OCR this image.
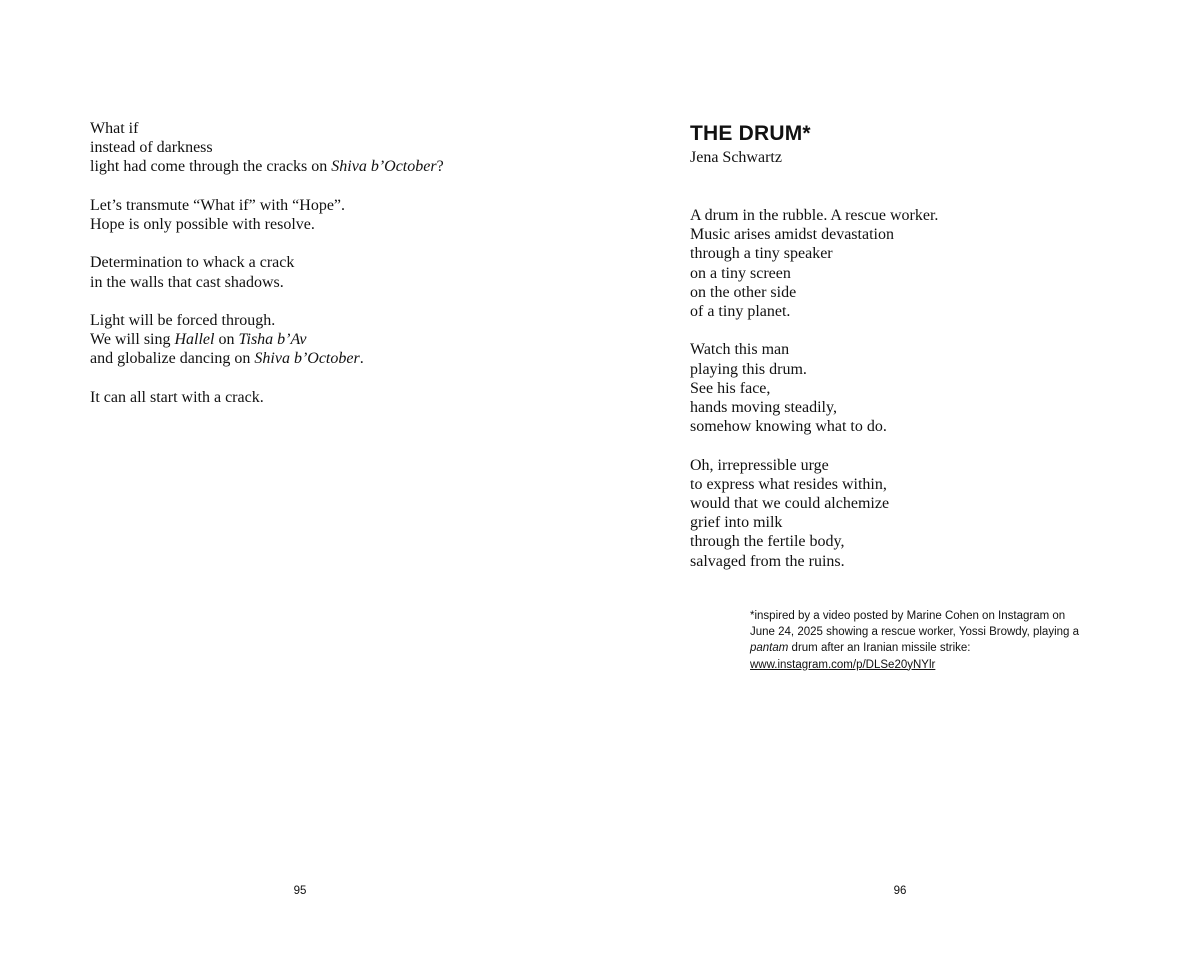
What if
instead of darkness
light had come through the cracks on Shiva b’October?
Let’s transmute “What if” with “Hope”.
Hope is only possible with resolve.
Determination to whack a crack
in the walls that cast shadows.
Light will be forced through.
We will sing Hallel on Tisha b’Av
and globalize dancing on Shiva b’October.
It can all start with a crack.
95
THE DRUM*
Jena Schwartz
A drum in the rubble. A rescue worker.
Music arises amidst devastation
through a tiny speaker
on a tiny screen
on the other side
of a tiny planet.
Watch this man
playing this drum.
See his face,
hands moving steadily,
somehow knowing what to do.
Oh, irrepressible urge
to express what resides within,
would that we could alchemize
grief into milk
through the fertile body,
salvaged from the ruins.
*inspired by a video posted by Marine Cohen on Instagram on
June 24, 2025 showing a rescue worker, Yossi Browdy, playing a
pantam drum after an Iranian missile strike:
www.instagram.com/p/DLSe20yNYlr
96
